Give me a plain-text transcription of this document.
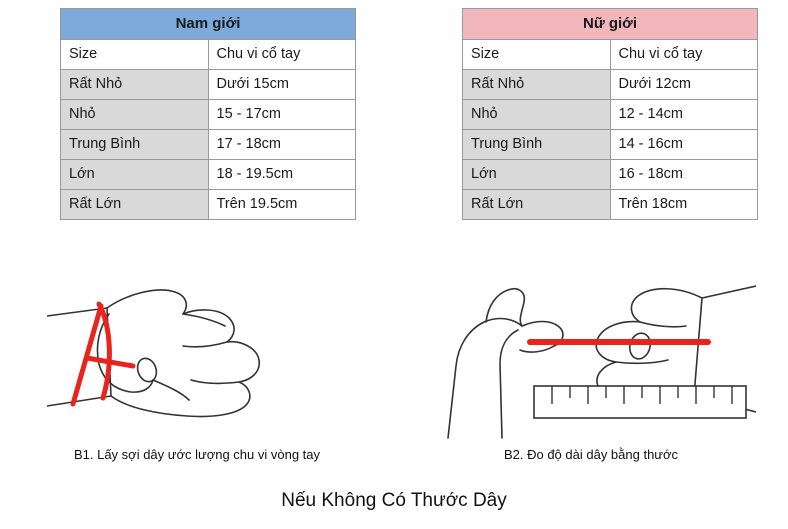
Nam giới	
Size	Chu vi cổ tay
Rất Nhỏ	Dưới 15cm
Nhỏ	15 - 17cm
Trung Bình	17 - 18cm
Lớn	18 - 19.5cm
Rất Lớn	Trên 19.5cm
Nữ giới	
Size	Chu vi cổ tay
Rất Nhỏ	Dưới 12cm
Nhỏ	12 - 14cm
Trung Bình	14 - 16cm
Lớn	16 - 18cm
Rất Lớn	Trên 18cm
B1. Lấy sợi dây ước lượng chu vi vòng tay	B2. Đo độ dài dây bằng thước
Nếu Không Có Thước Dây
